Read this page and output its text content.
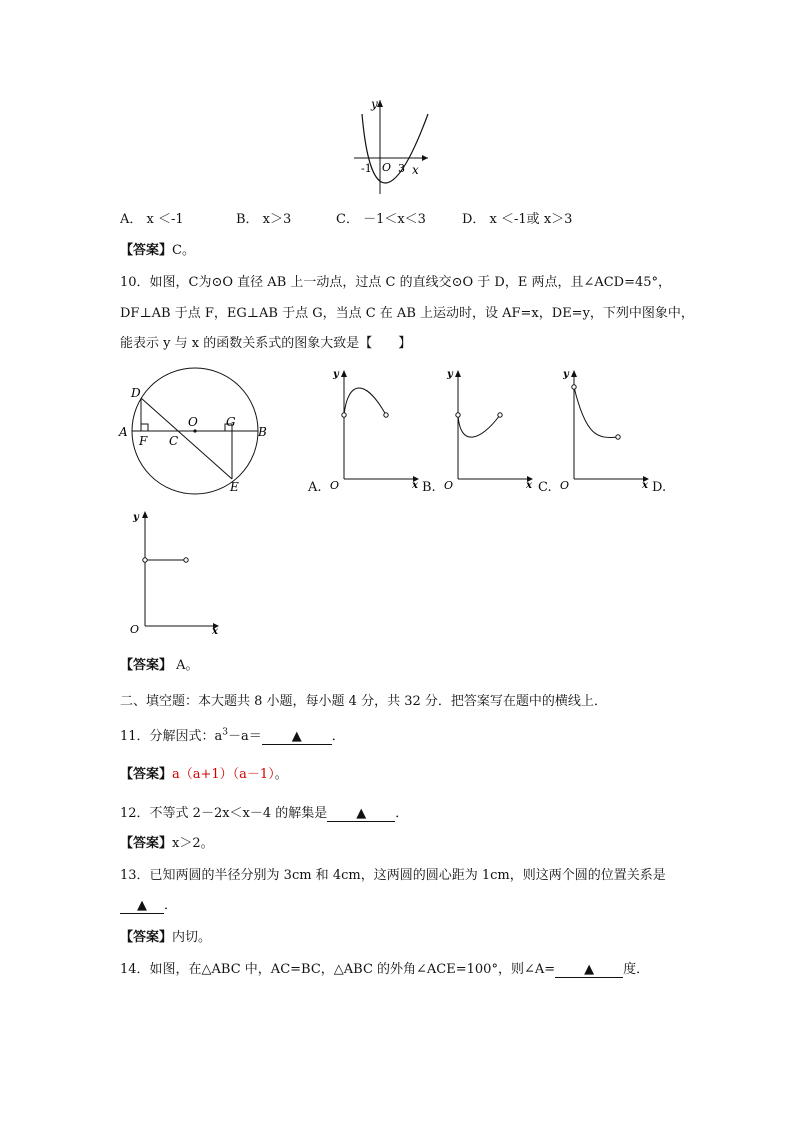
y
x
O
-1 3
A． x ＜-1	B． x＞3	C． －1＜x＜3	D． x ＜-1或 x＞3
【答案】C。
10．如图，C为⊙O 直径 AB 上一动点，过点 C 的直线交⊙O 于 D，E 两点，且∠ACD=45°，
DF⊥AB 于点 F，EG⊥AB 于点 G，当点 C 在 AB 上运动时，设 AF=x，DE=y，下列中图象中，
能表示 y 与 x 的函数关系式的图象大致是【　　】
D
A
F C
O G
B
E
y
O	x
A.
y
O	x
B.
y
O	x
C.	D.
y
O	x
【答案】 A。
二、填空题：本大题共 8 小题，每小题 4 分，共 32 分．把答案写在题中的横线上．
11．分解因式：$a^3-a=$ ▲ ．
【答案】a（a+1）（a－1）。
12．不等式 2－2x＜x－4 的解集是 ▲ ．
【答案】x＞2。
13．已知两圆的半径分别为 3cm 和 4cm，这两圆的圆心距为 1cm，则这两个圆的位置关系是
▲ ．
【答案】内切。
14．如图，在△ABC 中，AC=BC，△ABC 的外角∠ACE=100°，则∠A= ▲ 度．
